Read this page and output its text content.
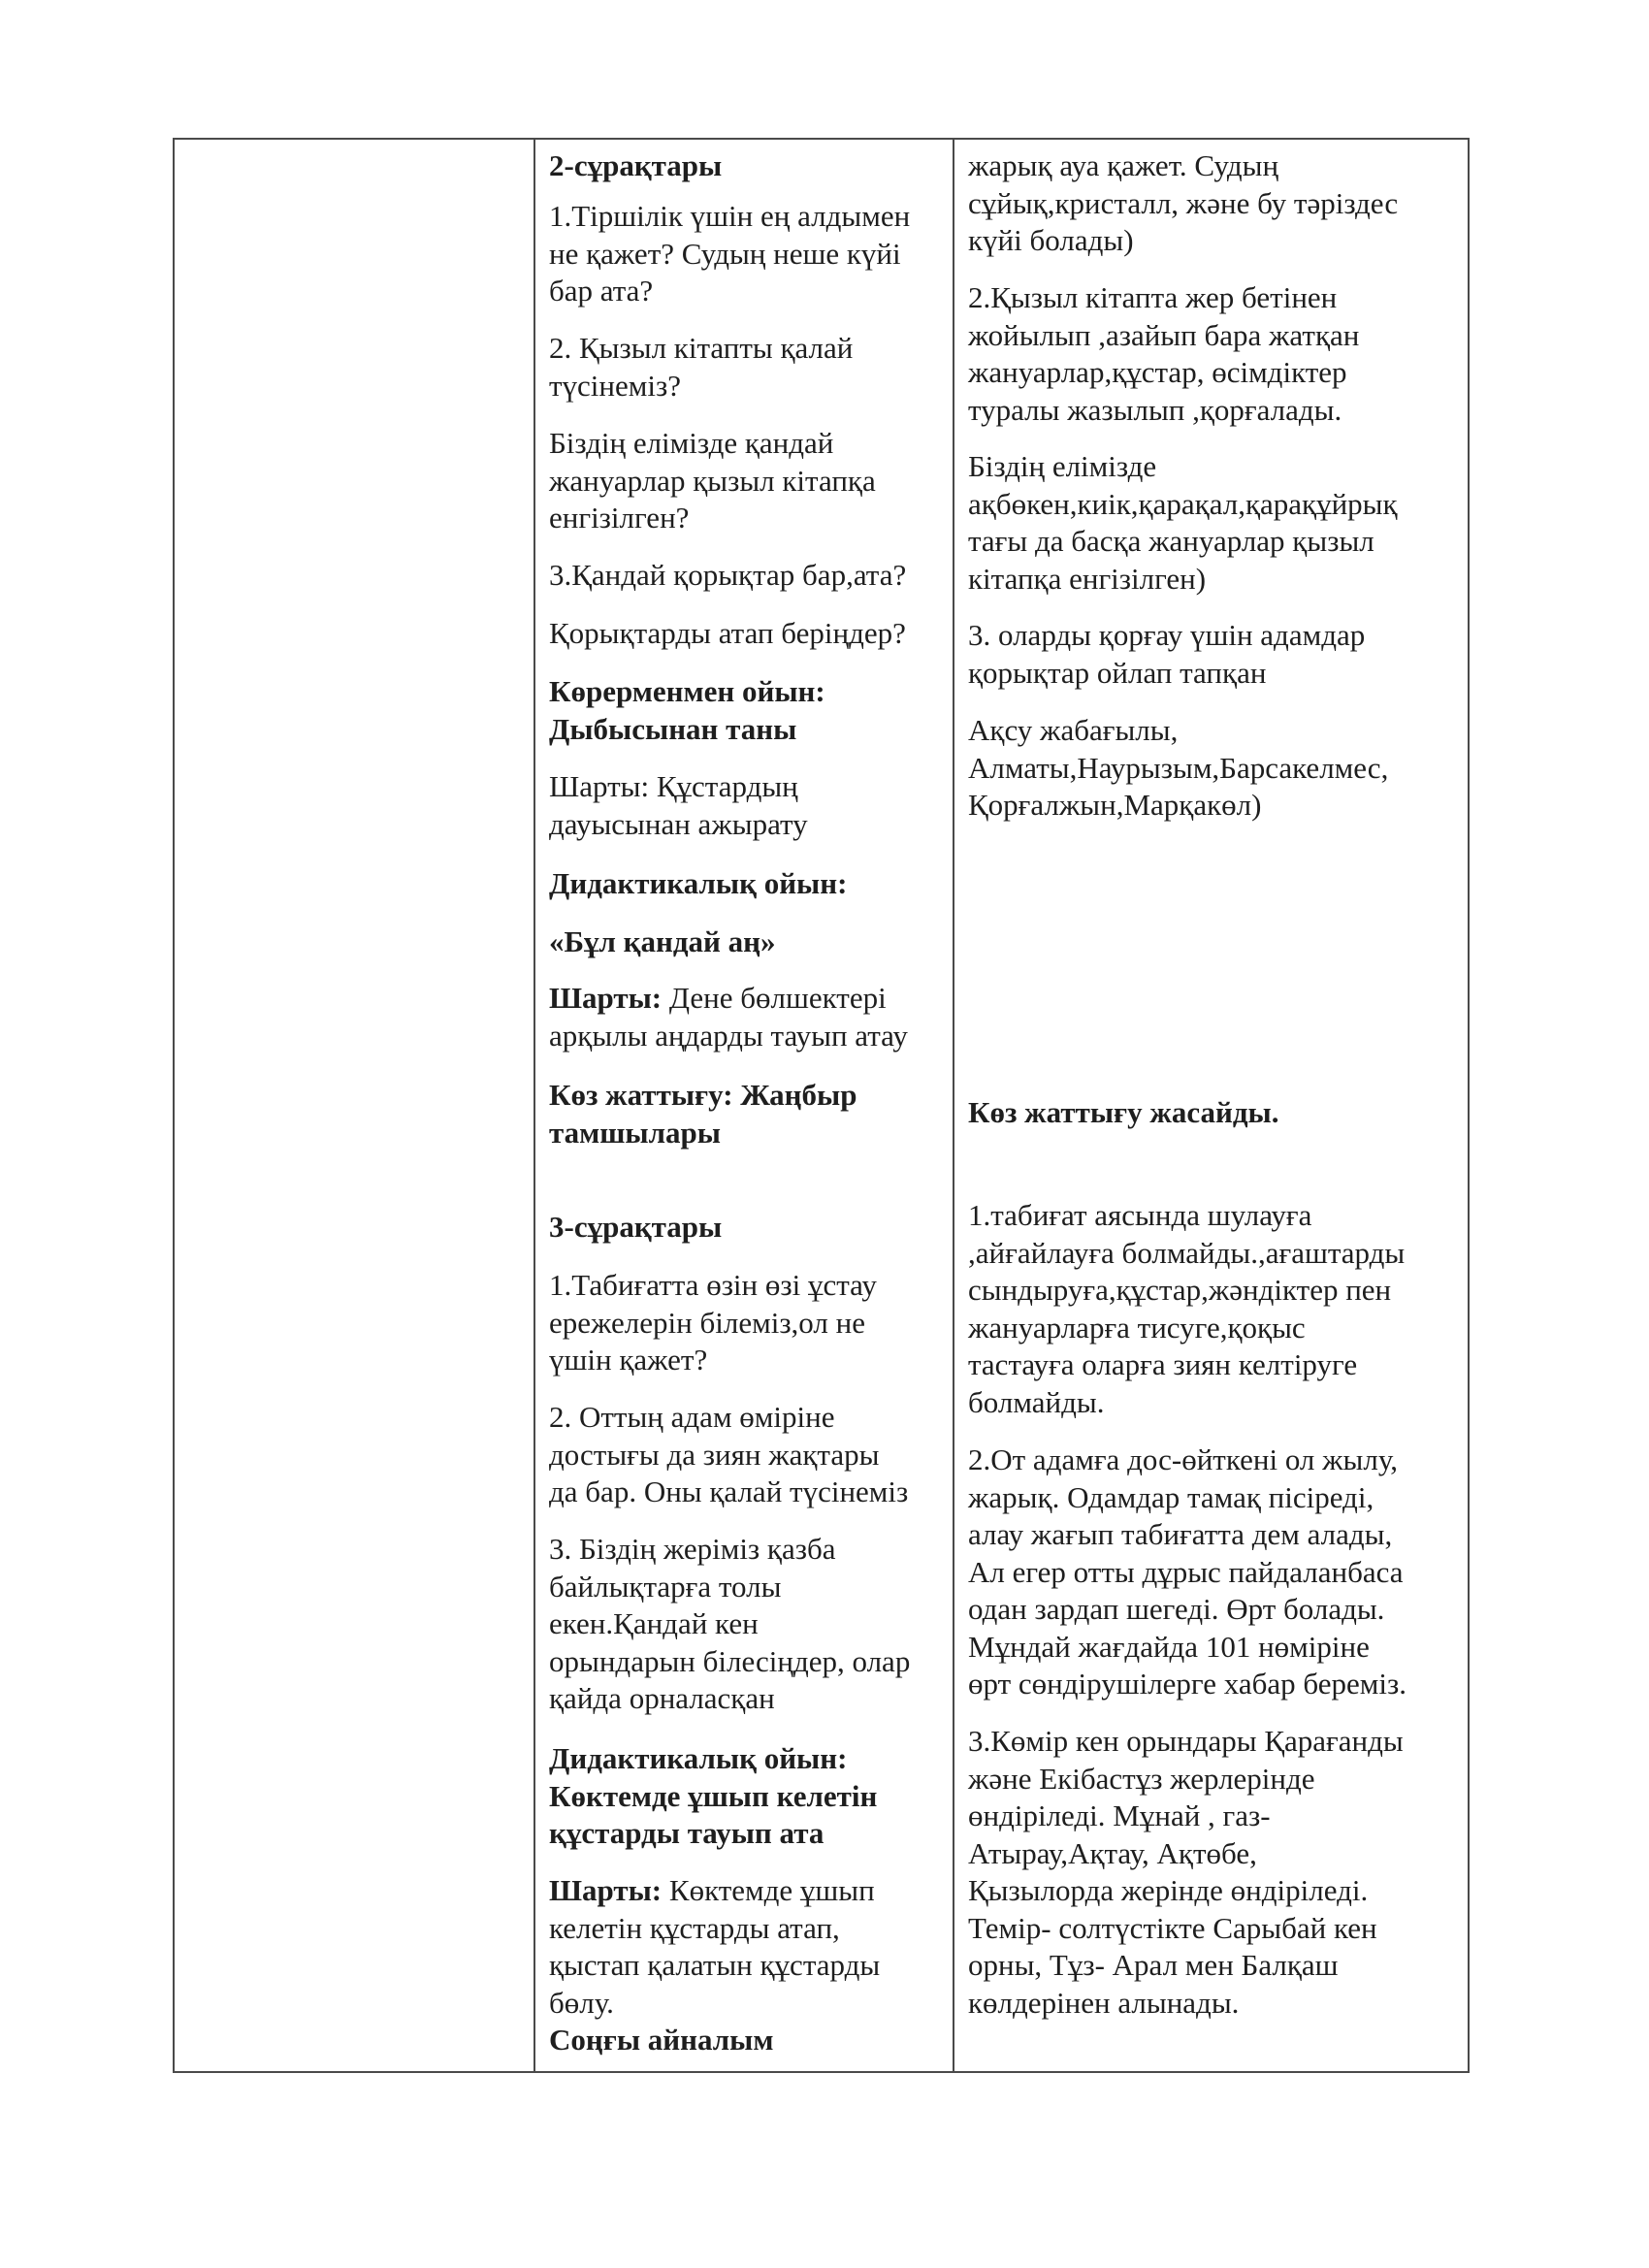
2-сұрақтары
1.Тіршілік үшін ең алдымен
не қажет? Судың неше күйі
бар ата?
2. Қызыл кітапты қалай
түсінеміз?
Біздің елімізде қандай
жануарлар қызыл кітапқа
енгізілген?
3.Қандай қорықтар бар,ата?
Қорықтарды атап беріңдер?
Көрерменмен ойын:
Дыбысынан таны
Шарты: Құстардың
дауысынан ажырату
Дидактикалық ойын:
«Бұл қандай аң»
Шарты: Дене бөлшектері
арқылы аңдарды тауып атау
Көз жаттығу: Жаңбыр
тамшылары
3-сұрақтары
1.Табиғатта өзін өзі ұстау
ережелерін білеміз,ол не
үшін қажет?
2. Оттың адам өміріне
достығы да зиян жақтары
да бар. Оны қалай түсінеміз
3. Біздің жеріміз қазба
байлықтарға толы
екен.Қандай кен
орындарын білесіңдер, олар
қайда орналасқан
Дидактикалық ойын:
Көктемде ұшып келетін
құстарды тауып ата
Шарты: Көктемде ұшып
келетін құстарды атап,
қыстап қалатын құстарды
бөлу.
Соңғы айналым
жарық ауа қажет. Судың
сұйық,кристалл, және бу тәріздес
күйі болады)
2.Қызыл кітапта жер бетінен
жойылып ,азайып бара жатқан
жануарлар,құстар, өсімдіктер
туралы жазылып ,қорғалады.
Біздің елімізде
ақбөкен,киік,қарақал,қарақұйрық
тағы да басқа жануарлар қызыл
кітапқа енгізілген)
3. оларды қорғау үшін адамдар
қорықтар ойлап тапқан
Ақсу жабағылы,
Алматы,Наурызым,Барсакелмес,
Қорғалжын,Марқакөл)
Көз жаттығу жасайды.
1.табиғат аясында шулауға
,айғайлауға болмайды.,ағаштарды
сындыруға,құстар,жәндіктер пен
жануарларға тисуге,қоқыс
тастауға оларға зиян келтіруге
болмайды.
2.От адамға дос-өйткені ол жылу,
жарық. Одамдар тамақ пісіреді,
алау жағып табиғатта дем алады,
Ал егер отты дұрыс пайдаланбаса
одан зардап шегеді. Өрт болады.
Мұндай жағдайда 101 нөміріне
өрт сөндірушілерге хабар береміз.
3.Көмір кен орындары Қарағанды
және Екібастұз жерлерінде
өндіріледі. Мұнай , газ-
Атырау,Ақтау, Ақтөбе,
Қызылорда жерінде өндіріледі.
Темір- солтүстікте Сарыбай кен
орны, Тұз- Арал мен Балқаш
көлдерінен алынады.
